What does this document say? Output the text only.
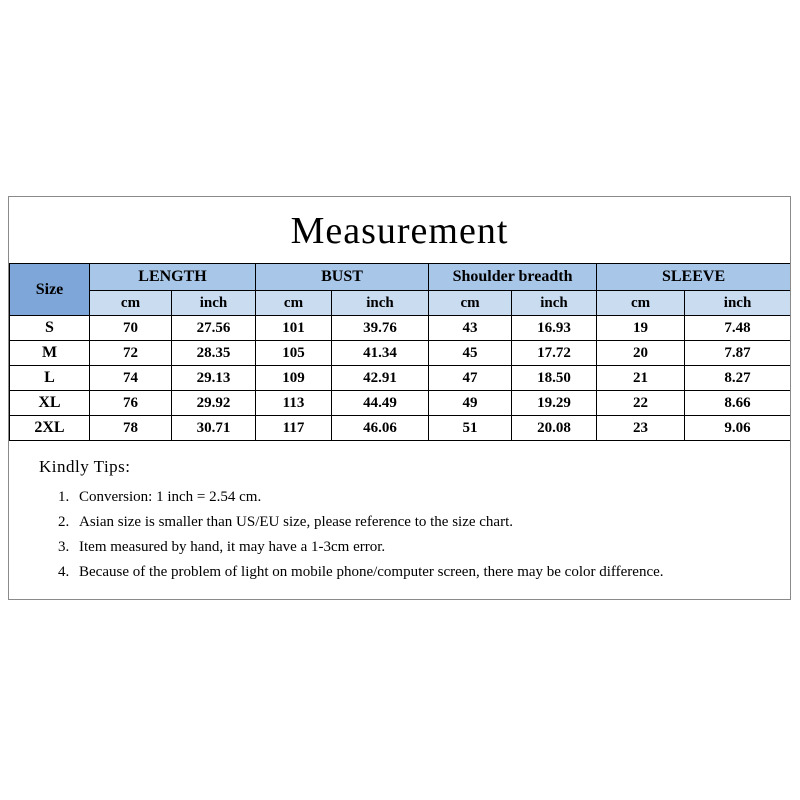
Measurement
Size	LENGTH		BUST		Shoulder breadth		SLEEVE	
	cm	inch	cm	inch	cm	inch	cm	inch
S	70	27.56	101	39.76	43	16.93	19	7.48
M	72	28.35	105	41.34	45	17.72	20	7.87
L	74	29.13	109	42.91	47	18.50	21	8.27
XL	76	29.92	113	44.49	49	19.29	22	8.66
2XL	78	30.71	117	46.06	51	20.08	23	9.06
Kindly Tips:
1. Conversion: 1 inch = 2.54 cm.
2. Asian size is smaller than US/EU size, please reference to the size chart.
3. Item measured by hand, it may have a 1-3cm error.
4. Because of the problem of light on mobile phone/computer screen, there may be color difference.
